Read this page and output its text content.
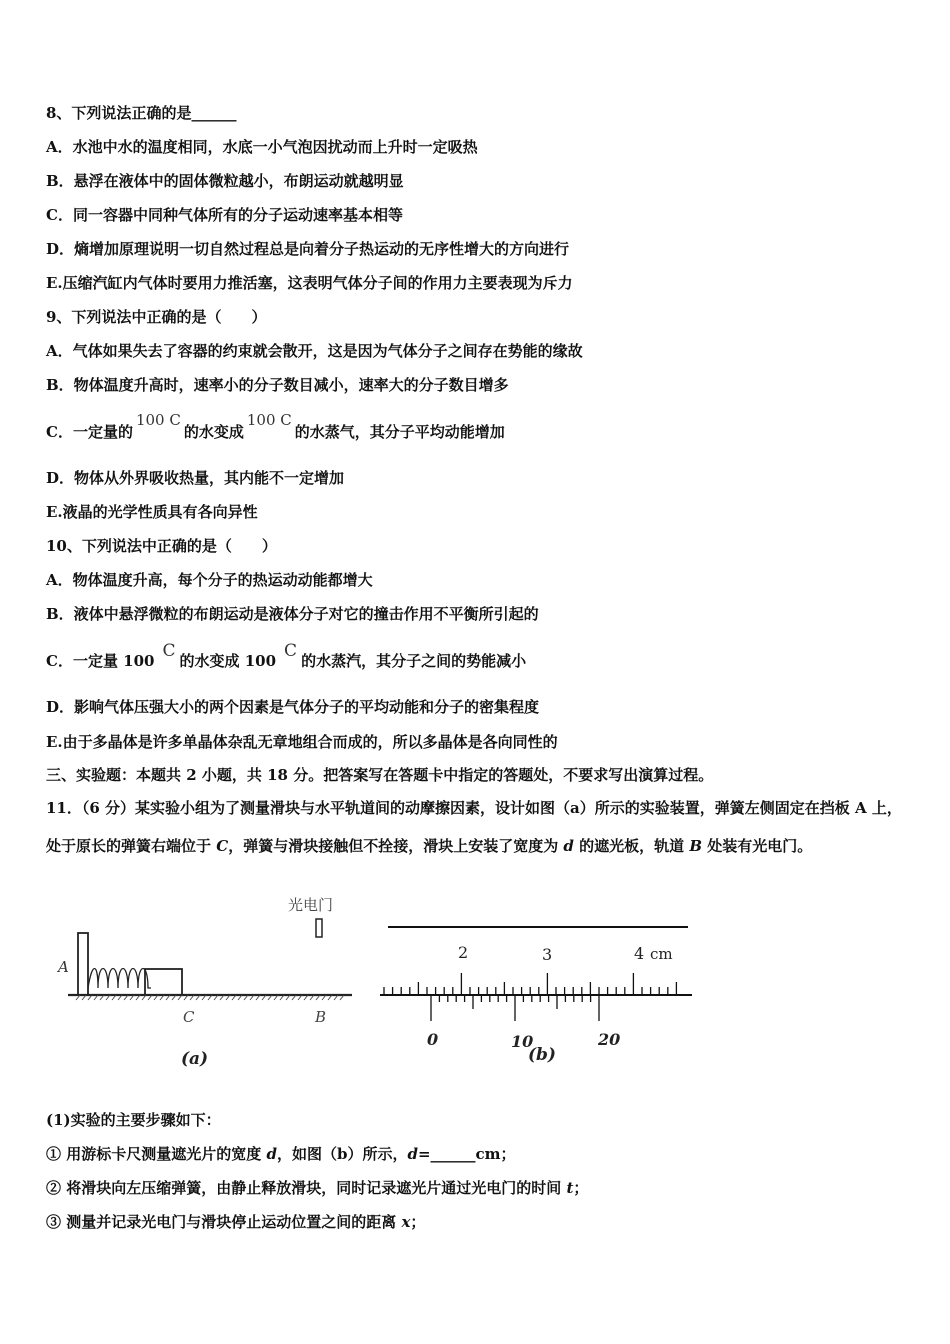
8、下列说法正确的是______
A．水池中水的温度相同，水底一小气泡因扰动而上升时一定吸热
B．悬浮在液体中的固体微粒越小，布朗运动就越明显
C．同一容器中同种气体所有的分子运动速率基本相等
D．熵增加原理说明一切自然过程总是向着分子热运动的无序性增大的方向进行
E.压缩汽缸内气体时要用力推活塞，这表明气体分子间的作用力主要表现为斥力
9、下列说法中正确的是（　　）
A．气体如果失去了容器的约束就会散开，这是因为气体分子之间存在势能的缘故
B．物体温度升高时，速率小的分子数目减小，速率大的分子数目增多
C．一定量的100 C的水变成100 C的水蒸气，其分子平均动能增加
D．物体从外界吸收热量，其内能不一定增加
E.液晶的光学性质具有各向异性
10、下列说法中正确的是（　　）
A．物体温度升高，每个分子的热运动动能都增大
B．液体中悬浮微粒的布朗运动是液体分子对它的撞击作用不平衡所引起的
C．一定量 100 C 的水变成 100 C 的水蒸汽，其分子之间的势能减小
D．影响气体压强大小的两个因素是气体分子的平均动能和分子的密集程度
E.由于多晶体是许多单晶体杂乱无章地组合而成的，所以多晶体是各向同性的
三、实验题：本题共 2 小题，共 18 分。把答案写在答题卡中指定的答题处，不要求写出演算过程。
11．（6 分）某实验小组为了测量滑块与水平轨道间的动摩擦因素，设计如图（a）所示的实验装置，弹簧左侧固定在挡板 A 上，处于原长的弹簧右端位于 C，弹簧与滑块接触但不拴接，滑块上安装了宽度为 d 的遮光板，轨道 B 处装有光电门。
光电门
A
C	B
(a)
2	3	4 cm
0	10	20
(b)
(1)实验的主要步骤如下：
① 用游标卡尺测量遮光片的宽度 d，如图（b）所示，d=______cm；
② 将滑块向左压缩弹簧，由静止释放滑块，同时记录遮光片通过光电门的时间 t；
③ 测量并记录光电门与滑块停止运动位置之间的距离 x；
